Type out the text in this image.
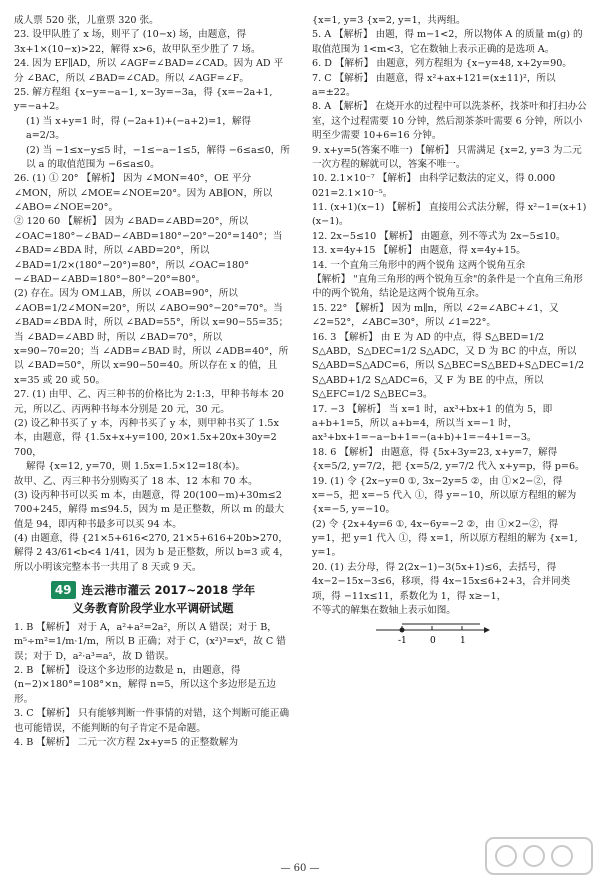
成人票 520 张，儿童票 320 张。

23. 设甲队胜了 x 场，则平了 (10−x) 场，由题意，得 3x+1×(10−x)>22，解得 x>6，故甲队至少胜了 7 场。

24. 因为 EF∥AD，所以 ∠AGF=∠BAD=∠CAD。因为 AD 平分 ∠BAC，所以 ∠BAD=∠CAD。所以 ∠AGF=∠F。

25. 解方程组 {x−y=−a−1, x−3y=−3a，得 {x=−2a+1, y=−a+2。

(1) 当 x+y=1 时，得 (−2a+1)+(−a+2)=1，解得 a=2/3。

(2) 当 −1≤x−y≤5 时，−1≤−a−1≤5，解得 −6≤a≤0，所以 a 的取值范围为 −6≤a≤0。

26. (1) ① 20° 【解析】 因为 ∠MON=40°，OE 平分 ∠MON，所以 ∠MOE=∠NOE=20°。因为 AB∥ON，所以 ∠ABO=∠NOE=20°。

② 120 60 【解析】 因为 ∠BAD=∠ABD=20°，所以 ∠OAC=180°−∠BAD−∠ABD=180°−20°−20°=140°；当 ∠BAD=∠BDA 时，所以 ∠ABD=20°，所以 ∠BAD=1/2×(180°−20°)=80°，所以 ∠OAC=180°−∠BAD−∠ABD=180°−80°−20°=80°。

(2) 存在。因为 OM⊥AB，所以 ∠OAB=90°，所以 ∠AOB=1/2∠MON=20°，所以 ∠ABO=90°−20°=70°。当 ∠BAD=∠BDA 时，所以 ∠BAD=55°，所以 x=90−55=35；当 ∠BAD=∠ABD 时，所以 ∠BAD=70°，所以 x=90−70=20；当 ∠ADB=∠BAD 时，所以 ∠ADB=40°，所以 ∠BAD=50°，所以 x=90−50=40。所以存在 x 的值，且 x=35 或 20 或 50。

27. (1) 由甲、乙、丙三种书的价格比为 2:1:3，甲种书每本 20 元，所以乙、丙两种书每本分别是 20 元，30 元。

(2) 设乙种书买了 y 本，丙种书买了 y 本，则甲种书买了 1.5x 本，由题意，得 {1.5x+x+y=100, 20×1.5x+20x+30y=2 700，

解得 {x=12, y=70，则 1.5x=1.5×12=18(本)。

故甲、乙、丙三种书分别购买了 18 本、12 本和 70 本。

(3) 设丙种书可以买 m 本，由题意，得 20(100−m)+30m≤2 700+245，解得 m≤94.5，因为 m 是正整数，所以 m 的最大值是 94，即丙种书最多可以买 94 本。

(4) 由题意，得 {21×5+616<270, 21×5+616+20b>270，解得 2 43/61<b<4 1/41，因为 b 是正整数，所以 b=3 或 4，所以小明该完整本书一共用了 8 天或 9 天。

49 连云港市灌云 2017∼2018 学年
义务教育阶段学业水平调研试题

1. B 【解析】 对于 A，a²+a²=2a²，所以 A 错误；对于 B，m⁵÷m²=1/m·1/m，所以 B 正确；对于 C，(x²)³=x⁶，故 C 错误；对于 D，a²·a³=a⁵，故 D 错误。

2. B 【解析】 设这个多边形的边数是 n，由题意，得 (n−2)×180°=108°×n，解得 n=5，所以这个多边形是五边形。

3. C 【解析】 只有能够判断一件事情的对错，这个判断可能正确也可能错误，不能判断的句子肯定不是命题。

4. B 【解析】 二元一次方程 2x+y=5 的正整数解为

{x=1, y=3 {x=2, y=1，共两组。

5. A 【解析】 由题，得 m−1<2，所以物体 A 的质量 m(g) 的取值范围为 1<m<3，它在数轴上表示正确的是选项 A。

6. D 【解析】 由题意，列方程组为 {x−y=48, x+2y=90。

7. C 【解析】 由题意，得 x²+ax+121=(x±11)²，所以 a=±22。

8. A 【解析】 在烧开水的过程中可以洗茶杯，找茶叶和打扫办公室，这个过程需要 10 分钟，然后沏茶茶叶需要 6 分钟，所以小明至少需要 10+6=16 分钟。

9. x+y=5(答案不唯一) 【解析】 只需满足 {x=2, y=3 为二元一次方程的解就可以，答案不唯一。

10. 2.1×10⁻⁷ 【解析】 由科学记数法的定义，得 0.000 021=2.1×10⁻⁵。

11. (x+1)(x−1) 【解析】 直接用公式法分解，得 x²−1=(x+1)(x−1)。

12. 2x−5≤10 【解析】 由题意，列不等式为 2x−5≤10。

13. x=4y+15 【解析】 由题意，得 x=4y+15。

14. 一个直角三角形中的两个锐角 这两个锐角互余

【解析】 "直角三角形的两个锐角互余"的条件是一个直角三角形中的两个锐角，结论是这两个锐角互余。

15. 22° 【解析】 因为 m∥n，所以 ∠2=∠ABC+∠1，又 ∠2=52°，∠ABC=30°，所以 ∠1=22°。

16. 3 【解析】 由 E 为 AD 的中点，得 S△BED=1/2 S△ABD，S△DEC=1/2 S△ADC，又 D 为 BC 的中点，所以 S△ABD=S△ADC=6，所以 S△BEC=S△BED+S△DEC=1/2 S△ABD+1/2 S△ADC=6，又 F 为 BE 的中点，所以 S△EFC=1/2 S△BEC=3。

17. −3 【解析】 当 x=1 时，ax³+bx+1 的值为 5，即 a+b+1=5，所以 a+b=4，所以当 x=−1 时，ax³+bx+1=−a−b+1=−(a+b)+1=−4+1=−3。

18. 6 【解析】 由题意，得 {5x+3y=23, x+y=7，解得 {x=5/2, y=7/2，把 {x=5/2, y=7/2 代入 x+y=p，得 p=6。

19. (1) 令 {2x−y=0 ①, 3x−2y=5 ②，由 ①×2−②，得 x=−5，把 x=−5 代入 ①，得 y=−10，所以原方程组的解为 {x=−5, y=−10。

(2) 令 {2x+4y=6 ①, 4x−6y=−2 ②，由 ①×2−②，得 y=1，把 y=1 代入 ①，得 x=1，所以原方程组的解为 {x=1, y=1。

20. (1) 去分母，得 2(2x−1)−3(5x+1)≤6，去括号，得 4x−2−15x−3≤6，移项，得 4x−15x≤6+2+3，合并同类项，得 −11x≤11，系数化为 1，得 x≥−1，

不等式的解集在数轴上表示如图。

-1	0	1
— 60 —
